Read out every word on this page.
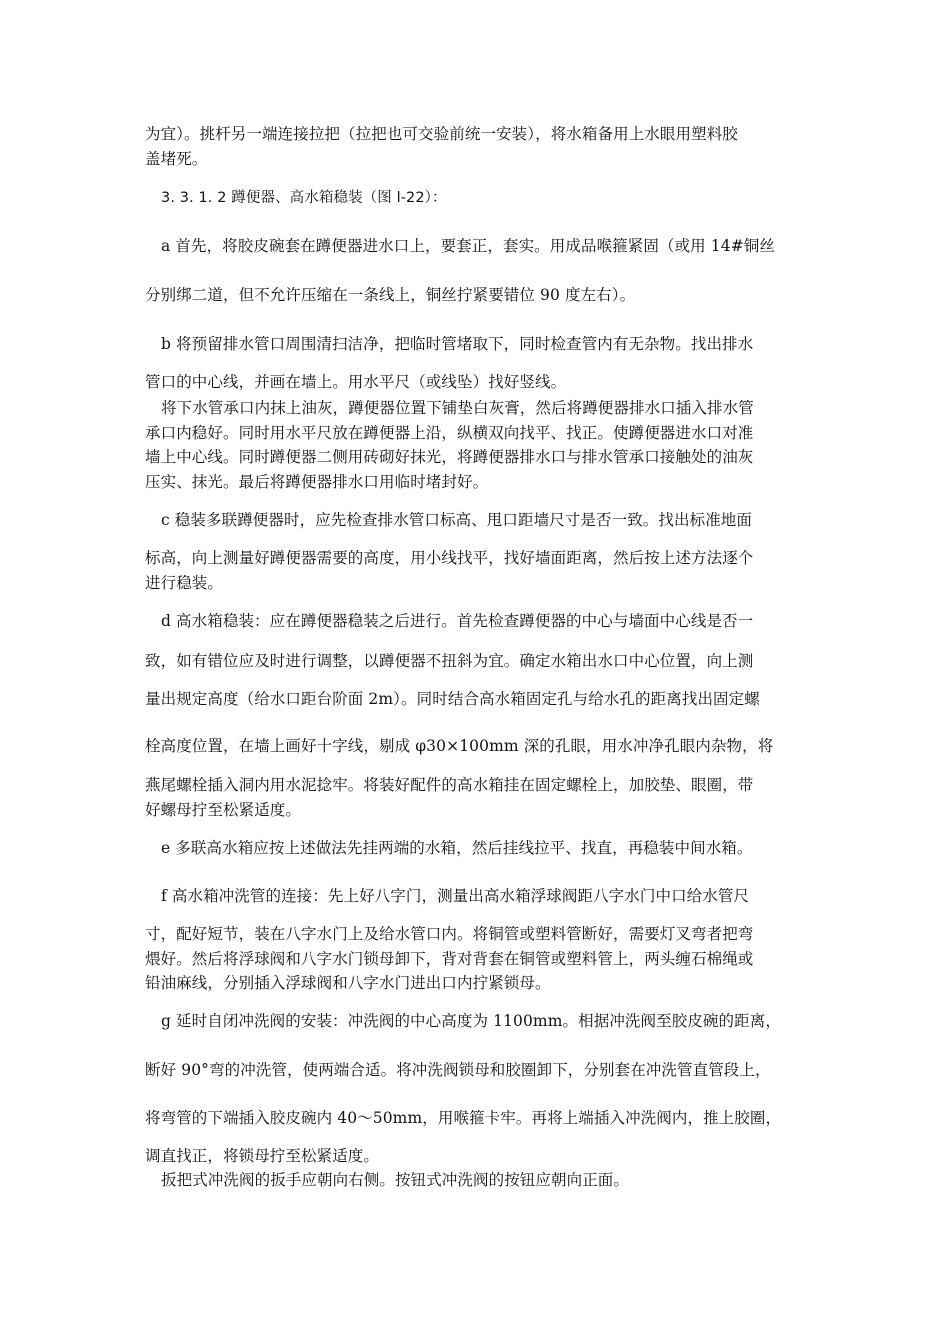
为宜）。挑杆另一端连接拉把（拉把也可交验前统一安装），将水箱备用上水眼用塑料胶
盖堵死。
3. 3. 1. 2 蹲便器、高水箱稳装（图 l-22）：
a 首先，将胶皮碗套在蹲便器进水口上，要套正，套实。用成品喉箍紧固（或用 14#铜丝
分别绑二道，但不允许压缩在一条线上，铜丝拧紧要错位 90 度左右）。
b 将预留排水管口周围清扫洁净，把临时管堵取下，同时检查管内有无杂物。找出排水
管口的中心线，并画在墙上。用水平尺（或线坠）找好竖线。
将下水管承口内抹上油灰，蹲便器位置下铺垫白灰膏，然后将蹲便器排水口插入排水管
承口内稳好。同时用水平尺放在蹲便器上沿，纵横双向找平、找正。使蹲便器进水口对准
墙上中心线。同时蹲便器二侧用砖砌好抹光，将蹲便器排水口与排水管承口接触处的油灰
压实、抹光。最后将蹲便器排水口用临时堵封好。
c 稳装多联蹲便器时，应先检查排水管口标高、甩口距墙尺寸是否一致。找出标准地面
标高，向上测量好蹲便器需要的高度，用小线找平，找好墙面距离，然后按上述方法逐个
进行稳装。
d 高水箱稳装：应在蹲便器稳装之后进行。首先检查蹲便器的中心与墙面中心线是否一
致，如有错位应及时进行调整，以蹲便器不扭斜为宜。确定水箱出水口中心位置，向上测
量出规定高度（给水口距台阶面 2m）。同时结合高水箱固定孔与给水孔的距离找出固定螺
栓高度位置，在墙上画好十字线，剔成 φ30×100mm 深的孔眼，用水冲净孔眼内杂物，将
燕尾螺栓插入洞内用水泥捻牢。将装好配件的高水箱挂在固定螺栓上，加胶垫、眼圈，带
好螺母拧至松紧适度。
e 多联高水箱应按上述做法先挂两端的水箱，然后挂线拉平、找直，再稳装中间水箱。
f 高水箱冲洗管的连接：先上好八字门，测量出高水箱浮球阀距八字水门中口给水管尺
寸，配好短节，装在八字水门上及给水管口内。将铜管或塑料管断好，需要灯叉弯者把弯
煨好。然后将浮球阀和八字水门锁母卸下，背对背套在铜管或塑料管上，两头缠石棉绳或
铅油麻线，分别插入浮球阀和八字水门进出口内拧紧锁母。
g 延时自闭冲洗阀的安装：冲洗阀的中心高度为 1100mm。相据冲洗阀至胶皮碗的距离，
断好 90°弯的冲洗管，使两端合适。将冲洗阀锁母和胶圈卸下，分别套在冲洗管直管段上，
将弯管的下端插入胶皮碗内 40～50mm，用喉箍卡牢。再将上端插入冲洗阀内，推上胶圈，
调直找正，将锁母拧至松紧适度。
扳把式冲洗阀的扳手应朝向右侧。按钮式冲洗阀的按钮应朝向正面。
